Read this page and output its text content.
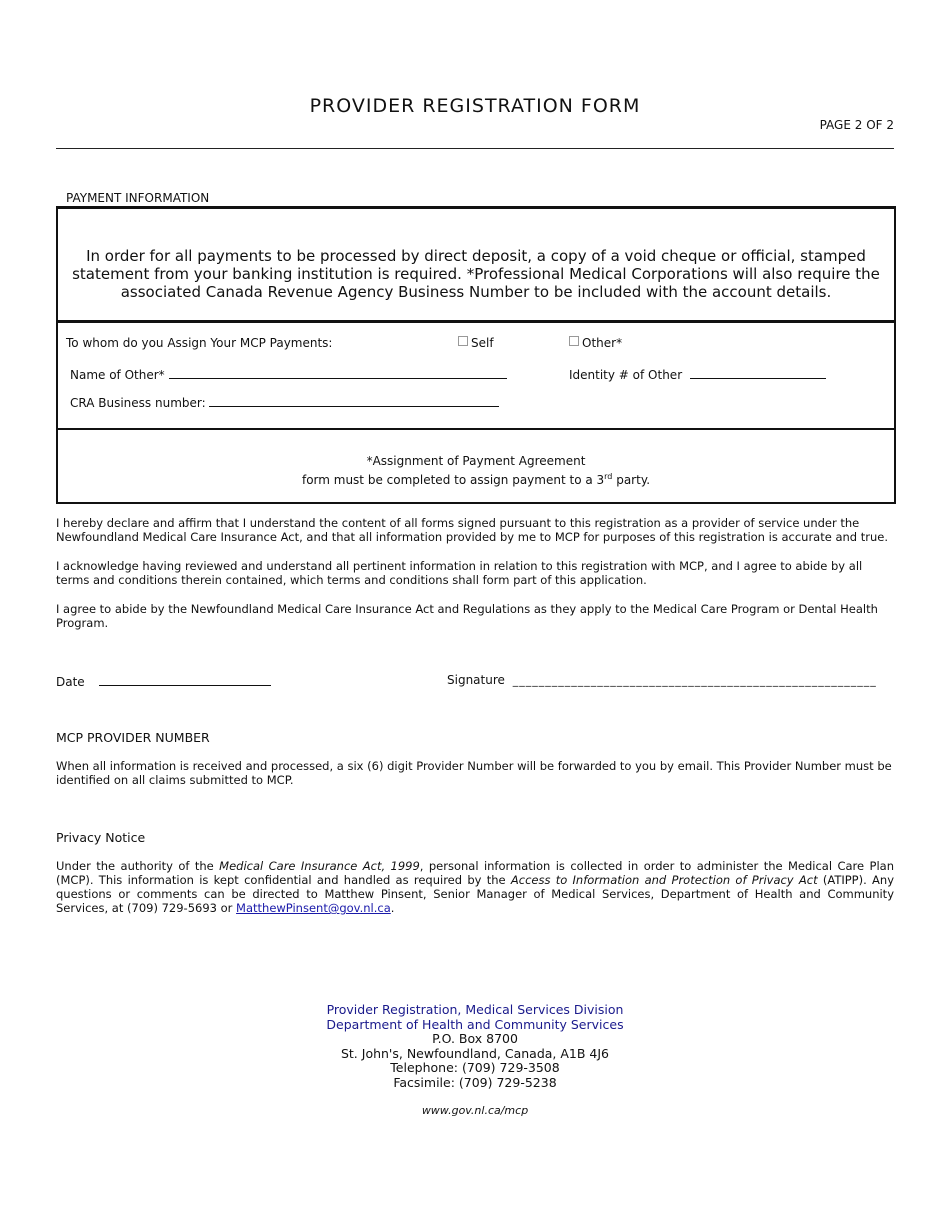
PROVIDER REGISTRATION FORM
PAGE 2 OF 2
PAYMENT INFORMATION
In order for all payments to be processed by direct deposit, a copy of a void cheque or official, stamped statement from your banking institution is required. *Professional Medical Corporations will also require the associated Canada Revenue Agency Business Number to be included with the account details.
To whom do you Assign Your MCP Payments:	Self	Other*
Name of Other*	Identity # of Other
CRA Business number:
*Assignment of Payment Agreement
form must be completed to assign payment to a 3rd party.
I hereby declare and affirm that I understand the content of all forms signed pursuant to this registration as a provider of service under the Newfoundland Medical Care Insurance Act, and that all information provided by me to MCP for purposes of this registration is accurate and true.
I acknowledge having reviewed and understand all pertinent information in relation to this registration with MCP, and I agree to abide by all terms and conditions therein contained, which terms and conditions shall form part of this application.
I agree to abide by the Newfoundland Medical Care Insurance Act and Regulations as they apply to the Medical Care Program or Dental Health Program.
Date	Signature ________________________________________________________
MCP PROVIDER NUMBER
When all information is received and processed, a six (6) digit Provider Number will be forwarded to you by email. This Provider Number must be identified on all claims submitted to MCP.
Privacy Notice
Under the authority of the Medical Care Insurance Act, 1999, personal information is collected in order to administer the Medical Care Plan (MCP). This information is kept confidential and handled as required by the Access to Information and Protection of Privacy Act (ATIPP). Any questions or comments can be directed to Matthew Pinsent, Senior Manager of Medical Services, Department of Health and Community Services, at (709) 729-5693 or MatthewPinsent@gov.nl.ca.
Provider Registration, Medical Services Division
Department of Health and Community Services
P.O. Box 8700
St. John's, Newfoundland, Canada, A1B 4J6
Telephone: (709) 729-3508
Facsimile: (709) 729-5238
www.gov.nl.ca/mcp
